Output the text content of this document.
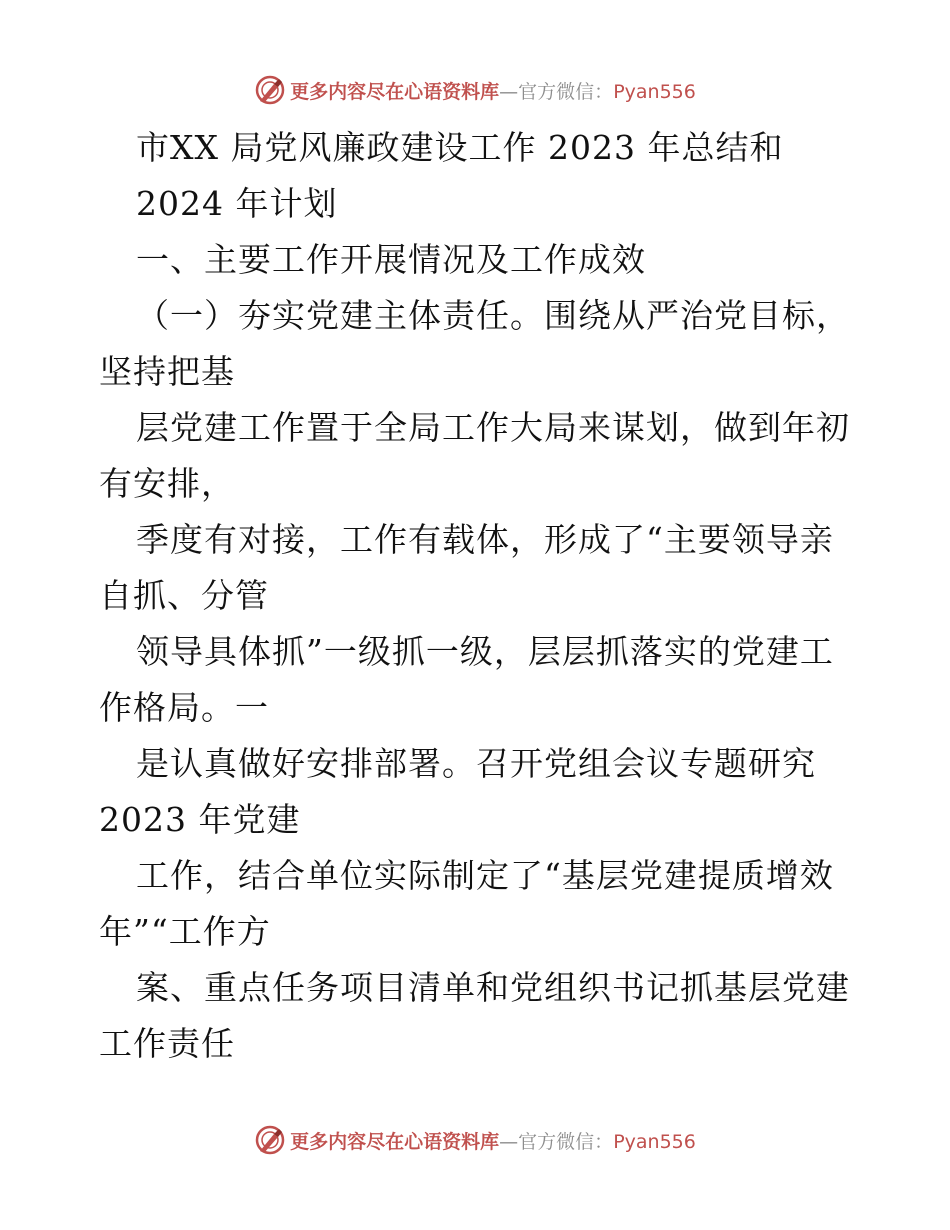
更多内容尽在心语资料库—官方微信：Pyan556
市XX 局党风廉政建设工作 2023 年总结和
2024 年计划
一、主要工作开展情况及工作成效
（一）夯实党建主体责任。围绕从严治党目标，
坚持把基
层党建工作置于全局工作大局来谋划，做到年初
有安排，
季度有对接，工作有载体，形成了“主要领导亲
自抓、分管
领导具体抓”一级抓一级，层层抓落实的党建工
作格局。一
是认真做好安排部署。召开党组会议专题研究
2023 年党建
工作，结合单位实际制定了“基层党建提质增效
年”“工作方
案、重点任务项目清单和党组织书记抓基层党建
工作责任
更多内容尽在心语资料库—官方微信：Pyan556
